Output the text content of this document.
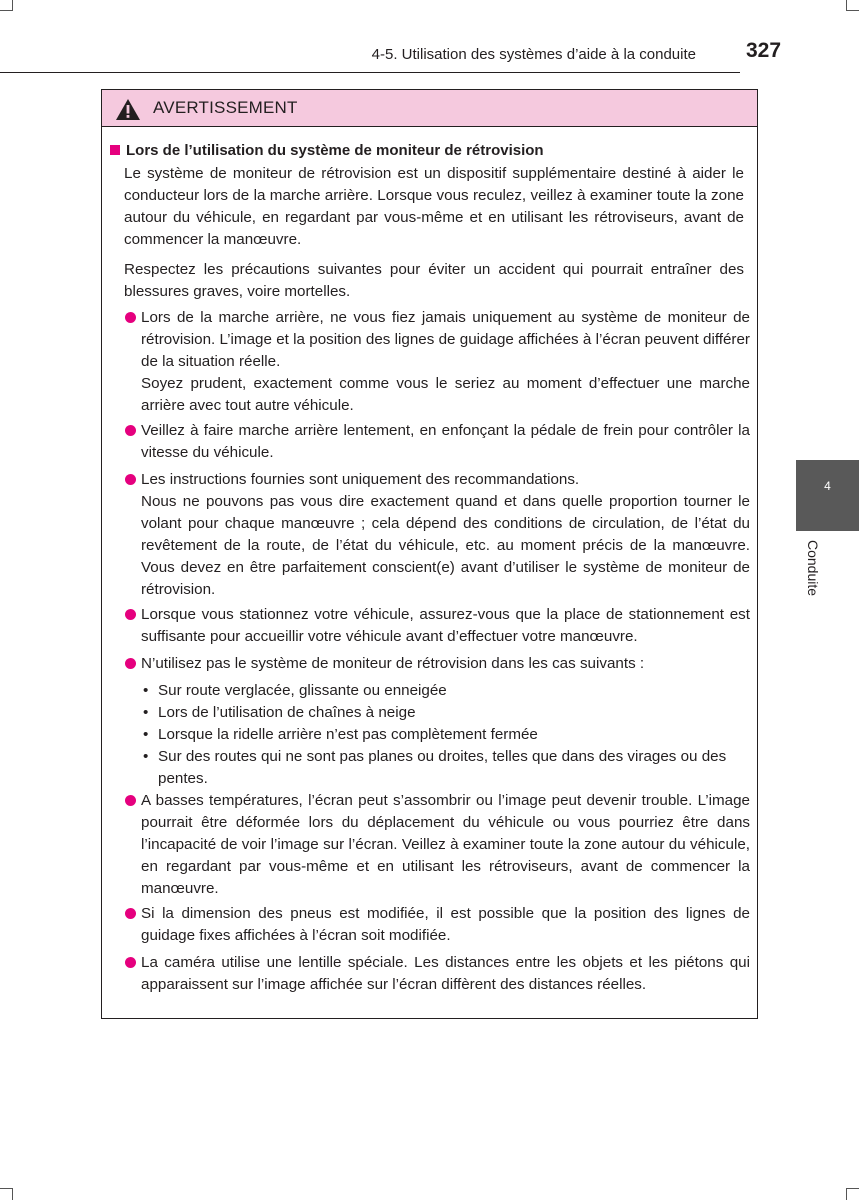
4-5. Utilisation des systèmes d’aide à la conduite 327
4
Conduite
AVERTISSEMENT
Lors de l’utilisation du système de moniteur de rétrovision

Le système de moniteur de rétrovision est un dispositif supplémentaire destiné à aider le conducteur lors de la marche arrière. Lorsque vous reculez, veillez à examiner toute la zone autour du véhicule, en regardant par vous-même et en utilisant les rétroviseurs, avant de commencer la manœuvre.

Respectez les précautions suivantes pour éviter un accident qui pourrait entraîner des blessures graves, voire mortelles.

Lors de la marche arrière, ne vous fiez jamais uniquement au système de moniteur de rétrovision. L’image et la position des lignes de guidage affichées à l’écran peuvent différer de la situation réelle.

Soyez prudent, exactement comme vous le seriez au moment d’effectuer une marche arrière avec tout autre véhicule.

Veillez à faire marche arrière lentement, en enfonçant la pédale de frein pour contrôler la vitesse du véhicule.

Les instructions fournies sont uniquement des recommandations.

Nous ne pouvons pas vous dire exactement quand et dans quelle proportion tourner le volant pour chaque manœuvre ; cela dépend des conditions de circulation, de l’état du revêtement de la route, de l’état du véhicule, etc. au moment précis de la manœuvre. Vous devez en être parfaitement conscient(e) avant d’utiliser le système de moniteur de rétrovision.

Lorsque vous stationnez votre véhicule, assurez-vous que la place de stationnement est suffisante pour accueillir votre véhicule avant d’effectuer votre manœuvre.

N’utilisez pas le système de moniteur de rétrovision dans les cas suivants :

• Sur route verglacée, glissante ou enneigée
• Lors de l’utilisation de chaînes à neige
• Lorsque la ridelle arrière n’est pas complètement fermée
• Sur des routes qui ne sont pas planes ou droites, telles que dans des virages ou des pentes.

A basses températures, l’écran peut s’assombrir ou l’image peut devenir trouble. L’image pourrait être déformée lors du déplacement du véhicule ou vous pourriez être dans l’incapacité de voir l’image sur l’écran. Veillez à examiner toute la zone autour du véhicule, en regardant par vous-même et en utilisant les rétroviseurs, avant de commencer la manœuvre.

Si la dimension des pneus est modifiée, il est possible que la position des lignes de guidage fixes affichées à l’écran soit modifiée.

La caméra utilise une lentille spéciale. Les distances entre les objets et les piétons qui apparaissent sur l’image affichée sur l’écran diffèrent des distances réelles.
